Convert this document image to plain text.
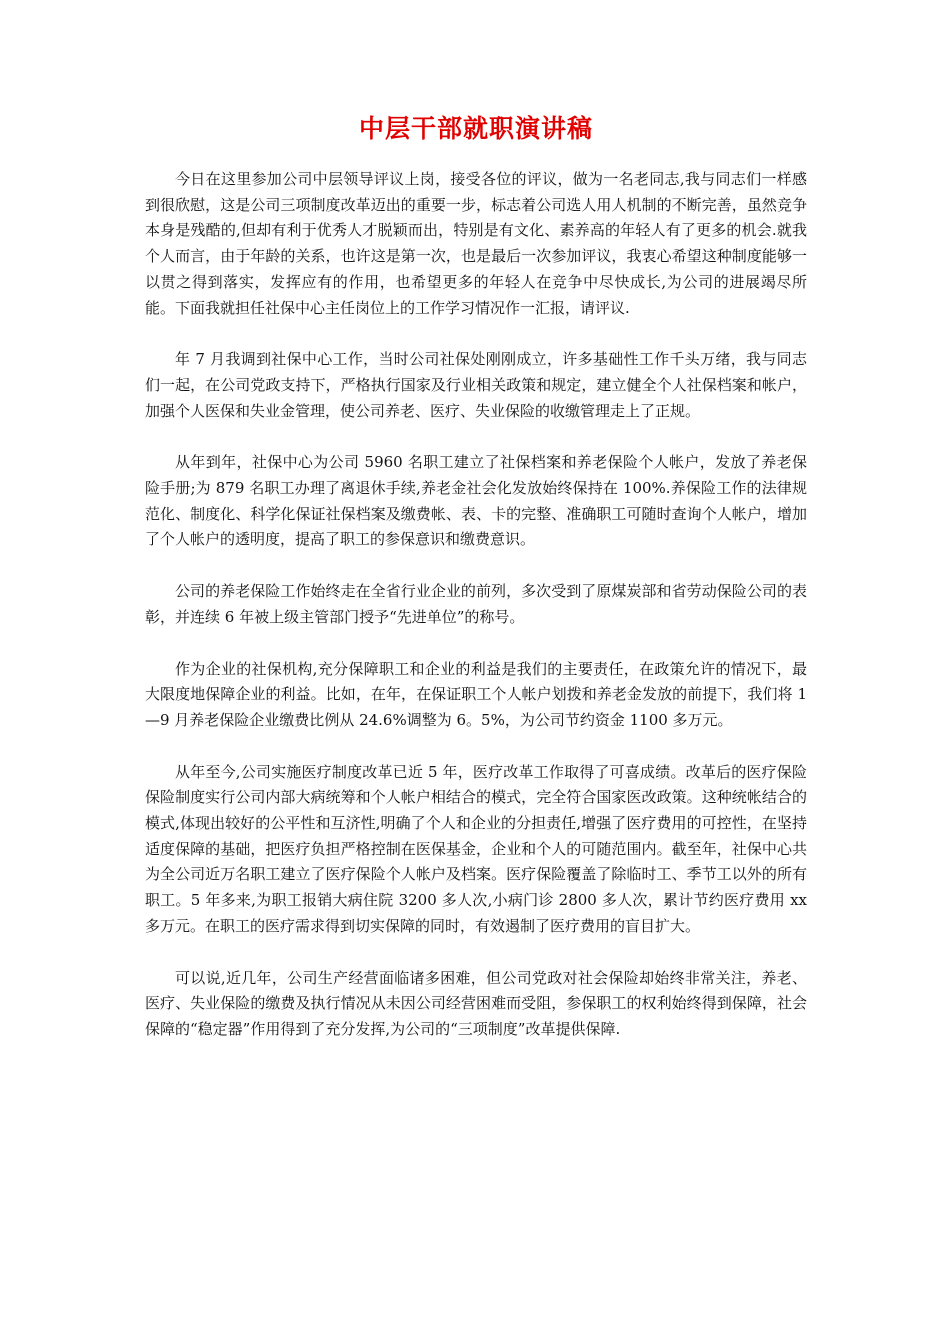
中层干部就职演讲稿

今日在这里参加公司中层领导评议上岗，接受各位的评议，做为一名老同志,我与同志们一样感到很欣慰，这是公司三项制度改革迈出的重要一步，标志着公司选人用人机制的不断完善，虽然竞争本身是残酷的,但却有利于优秀人才脱颖而出，特别是有文化、素养高的年轻人有了更多的机会.就我个人而言，由于年龄的关系，也许这是第一次，也是最后一次参加评议，我衷心希望这种制度能够一以贯之得到落实，发挥应有的作用，也希望更多的年轻人在竞争中尽快成长,为公司的进展竭尽所能。下面我就担任社保中心主任岗位上的工作学习情况作一汇报，请评议.

年 7 月我调到社保中心工作，当时公司社保处刚刚成立，许多基础性工作千头万绪，我与同志们一起，在公司党政支持下，严格执行国家及行业相关政策和规定，建立健全个人社保档案和帐户，加强个人医保和失业金管理，使公司养老、医疗、失业保险的收缴管理走上了正规。

从年到年，社保中心为公司 5960 名职工建立了社保档案和养老保险个人帐户，发放了养老保险手册;为 879 名职工办理了离退休手续,养老金社会化发放始终保持在 100%.养保险工作的法律规范化、制度化、科学化保证社保档案及缴费帐、表、卡的完整、准确职工可随时查询个人帐户，增加了个人帐户的透明度，提高了职工的参保意识和缴费意识。

公司的养老保险工作始终走在全省行业企业的前列，多次受到了原煤炭部和省劳动保险公司的表彰，并连续 6 年被上级主管部门授予“先进单位”的称号。

作为企业的社保机构,充分保障职工和企业的利益是我们的主要责任，在政策允许的情况下，最大限度地保障企业的利益。比如，在年，在保证职工个人帐户划拨和养老金发放的前提下，我们将 1—9 月养老保险企业缴费比例从 24.6%调整为 6。5%，为公司节约资金 1100 多万元。

从年至今,公司实施医疗制度改革已近 5 年，医疗改革工作取得了可喜成绩。改革后的医疗保险保险制度实行公司内部大病统筹和个人帐户相结合的模式，完全符合国家医改政策。这种统帐结合的模式,体现出较好的公平性和互济性,明确了个人和企业的分担责任,增强了医疗费用的可控性，在坚持适度保障的基础，把医疗负担严格控制在医保基金，企业和个人的可随范围内。截至年，社保中心共为全公司近万名职工建立了医疗保险个人帐户及档案。医疗保险覆盖了除临时工、季节工以外的所有职工。5 年多来,为职工报销大病住院 3200 多人次,小病门诊 2800 多人次，累计节约医疗费用 xx 多万元。在职工的医疗需求得到切实保障的同时，有效遏制了医疗费用的盲目扩大。

可以说,近几年，公司生产经营面临诸多困难，但公司党政对社会保险却始终非常关注，养老、医疗、失业保险的缴费及执行情况从未因公司经营困难而受阻，参保职工的权利始终得到保障，社会保障的“稳定器”作用得到了充分发挥,为公司的“三项制度”改革提供保障.
